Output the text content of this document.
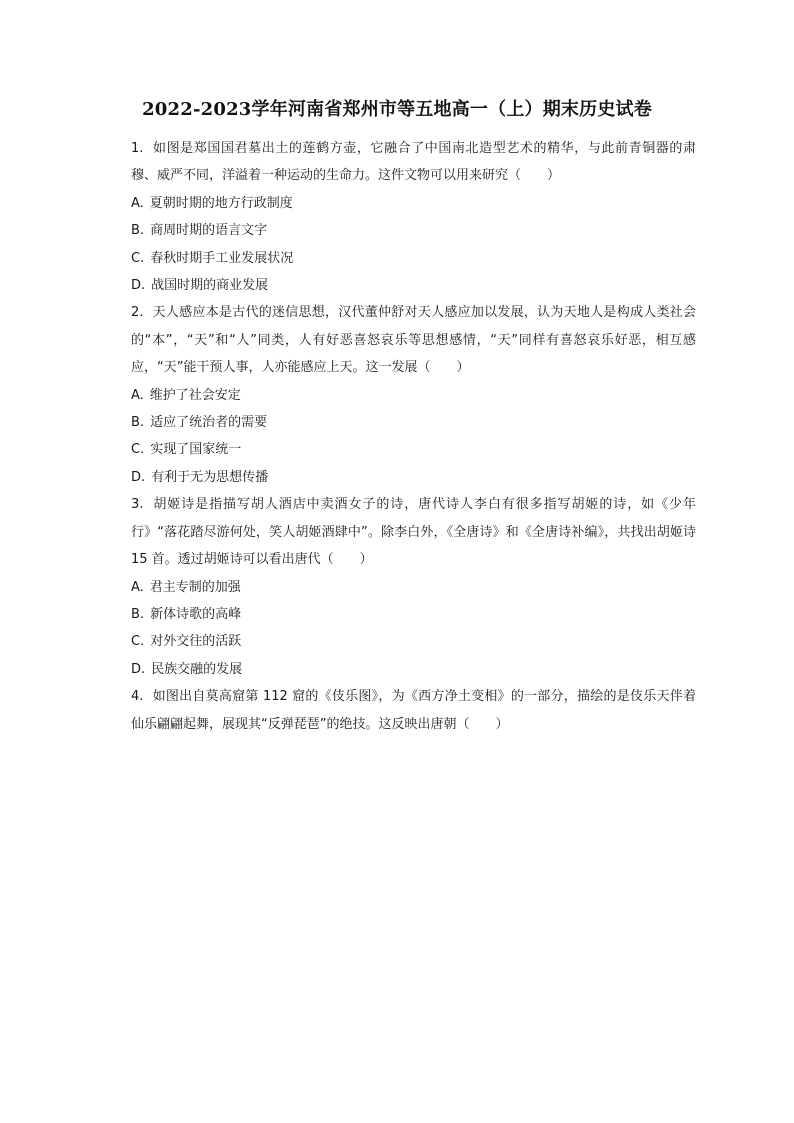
2022-2023学年河南省郑州市等五地高一（上）期末历史试卷

1. 如图是郑国国君墓出土的莲鹤方壶，它融合了中国南北造型艺术的精华，与此前青铜器的肃穆、威严不同，洋溢着一种运动的生命力。这件文物可以用来研究（　　）

A. 夏朝时期的地方行政制度

B. 商周时期的语言文字

C. 春秋时期手工业发展状况

D. 战国时期的商业发展

2. 天人感应本是古代的迷信思想，汉代董仲舒对天人感应加以发展，认为天地人是构成人类社会的“本”，“天”和“人”同类，人有好恶喜怒哀乐等思想感情，“天”同样有喜怒哀乐好恶，相互感应，“天”能干预人事，人亦能感应上天。这一发展（　　）

A. 维护了社会安定

B. 适应了统治者的需要

C. 实现了国家统一

D. 有利于无为思想传播

3. 胡姬诗是指描写胡人酒店中卖酒女子的诗，唐代诗人李白有很多指写胡姬的诗，如《少年行》“落花踏尽游何处，笑人胡姬酒肆中”。除李白外，《全唐诗》和《全唐诗补编》，共找出胡姬诗 15 首。透过胡姬诗可以看出唐代（　　）

A. 君主专制的加强

B. 新体诗歌的高峰

C. 对外交往的活跃

D. 民族交融的发展

4. 如图出自莫高窟第 112 窟的《伎乐图》，为《西方净土变相》的一部分，描绘的是伎乐天伴着仙乐翩翩起舞，展现其“反弹琵琶”的绝技。这反映出唐朝（　　）
